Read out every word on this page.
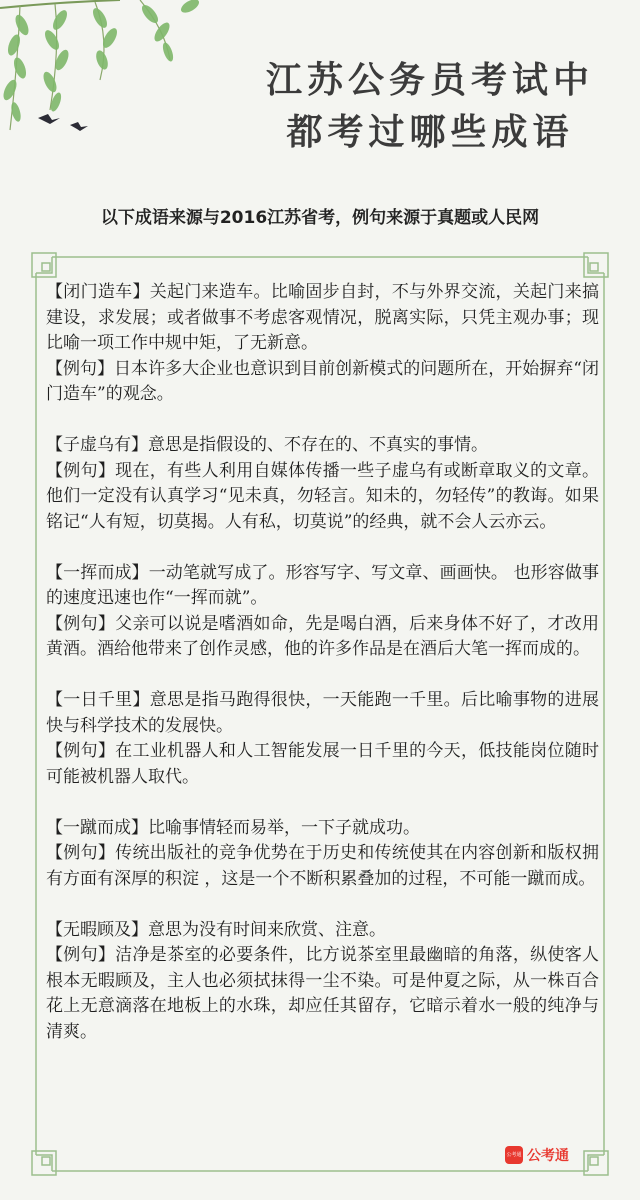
江苏公务员考试中
都考过哪些成语
以下成语来源与2016江苏省考，例句来源于真题或人民网

【闭门造车】关起门来造车。比喻固步自封，不与外界交流，关起门来搞建设，求发展；或者做事不考虑客观情况，脱离实际，只凭主观办事；现比喻一项工作中规中矩，了无新意。

【例句】日本许多大企业也意识到目前创新模式的问题所在，开始摒弃“闭门造车”的观念。

【子虚乌有】意思是指假设的、不存在的、不真实的事情。

【例句】现在，有些人利用自媒体传播一些子虚乌有或断章取义的文章。他们一定没有认真学习“见未真，勿轻言。知未的，勿轻传”的教诲。如果铭记“人有短，切莫揭。人有私，切莫说”的经典，就不会人云亦云。

【一挥而成】一动笔就写成了。形容写字、写文章、画画快。 也形容做事的速度迅速也作“一挥而就”。

【例句】父亲可以说是嗜酒如命，先是喝白酒，后来身体不好了，才改用黄酒。酒给他带来了创作灵感，他的许多作品是在酒后大笔一挥而成的。

【一日千里】意思是指马跑得很快，一天能跑一千里。后比喻事物的进展快与科学技术的发展快。

【例句】在工业机器人和人工智能发展一日千里的今天，低技能岗位随时可能被机器人取代。

【一蹴而成】比喻事情轻而易举，一下子就成功。

【例句】传统出版社的竞争优势在于历史和传统使其在内容创新和版权拥有方面有深厚的积淀 ，这是一个不断积累叠加的过程，不可能一蹴而成。

【无暇顾及】意思为没有时间来欣赏、注意。

【例句】洁净是茶室的必要条件，比方说茶室里最幽暗的角落，纵使客人根本无暇顾及，主人也必须拭抹得一尘不染。可是仲夏之际，从一株百合花上无意滴落在地板上的水珠，却应任其留存，它暗示着水一般的纯净与清爽。

公考通 公考通
